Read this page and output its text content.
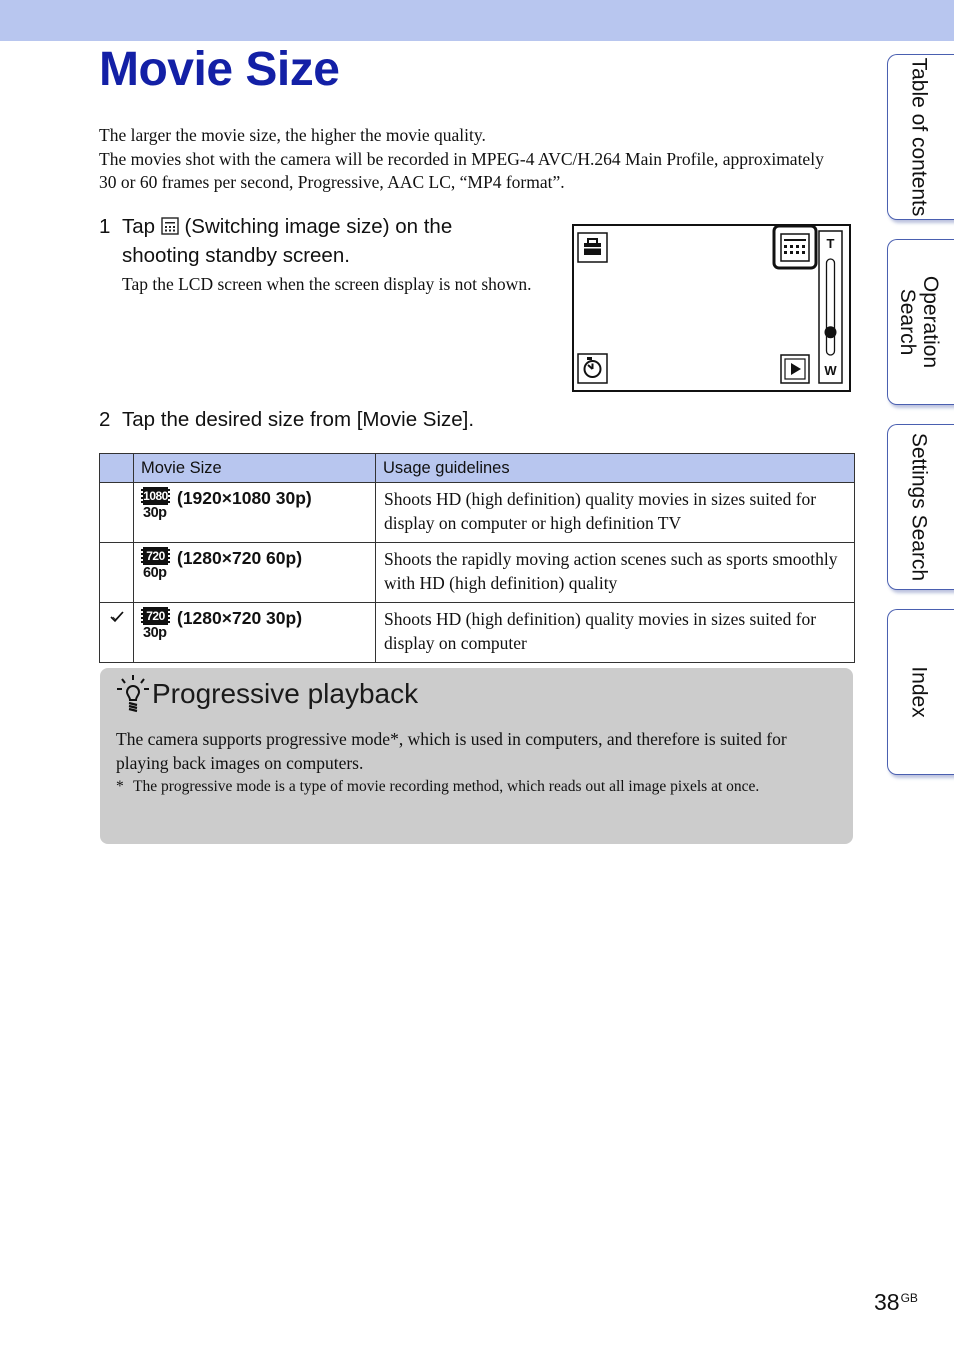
Movie Size

The larger the movie size, the higher the movie quality.

The movies shot with the camera will be recorded in MPEG-4 AVC/H.264 Main Profile, approximately 30 or 60 frames per second, Progressive, AAC LC, “MP4 format”.

1 Tap (Switching image size) on the shooting standby screen.
Tap the LCD screen when the screen display is not shown.
T
W
2 Tap the desired size from [Movie Size].
	Movie Size	Usage guidelines

	1080
30p
(1920×1080 30p)	Shoots HD (high definition) quality movies in sizes suited for display on computer or high definition TV

	720
60p
(1280×720 60p)	Shoots the rapidly moving action scenes such as sports smoothly with HD (high definition) quality

720
30p
(1280×720 30p)	Shoots HD (high definition) quality movies in sizes suited for display on computer
Progressive playback
The camera supports progressive mode*, which is used in computers, and therefore is suited for playing back images on computers.
* The progressive mode is a type of movie recording method, which reads out all image pixels at once.
Table of contents
Operation Search
Settings Search
Index
$38^{GB}$
